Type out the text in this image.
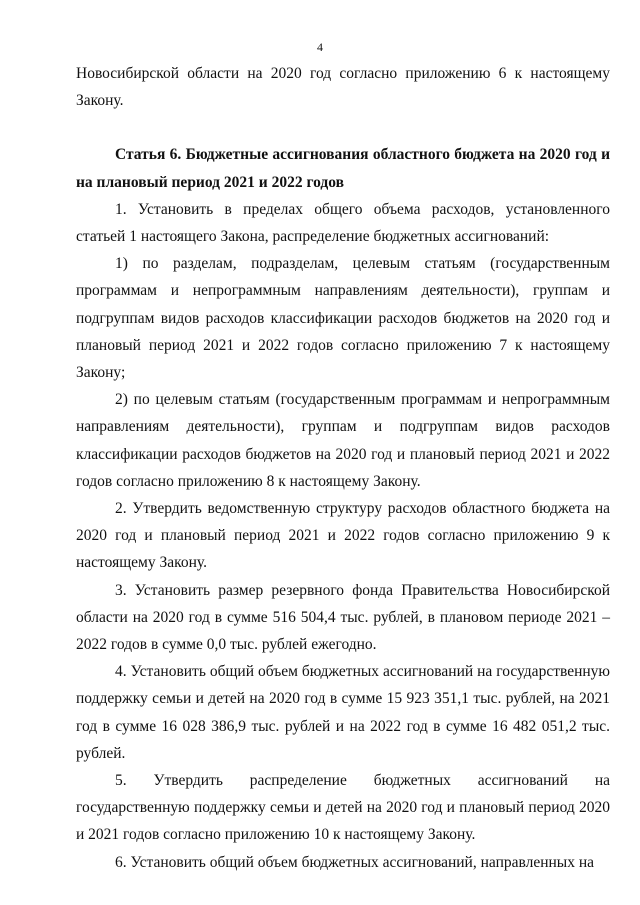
4

Новосибирской области на 2020 год согласно приложению 6 к настоящему Закону.

Статья 6. Бюджетные ассигнования областного бюджета на 2020 год и на плановый период 2021 и 2022 годов

1. Установить в пределах общего объема расходов, установленного статьей 1 настоящего Закона, распределение бюджетных ассигнований:

1) по разделам, подразделам, целевым статьям (государственным программам и непрограммным направлениям деятельности), группам и подгруппам видов расходов классификации расходов бюджетов на 2020 год и плановый период 2021 и 2022 годов согласно приложению 7 к настоящему Закону;

2) по целевым статьям (государственным программам и непрограммным направлениям деятельности), группам и подгруппам видов расходов классификации расходов бюджетов на 2020 год и плановый период 2021 и 2022 годов согласно приложению 8 к настоящему Закону.

2. Утвердить ведомственную структуру расходов областного бюджета на 2020 год и плановый период 2021 и 2022 годов согласно приложению 9 к настоящему Закону.

3. Установить размер резервного фонда Правительства Новосибирской области на 2020 год в сумме 516 504,4 тыс. рублей, в плановом периоде 2021 – 2022 годов в сумме 0,0 тыс. рублей ежегодно.

4. Установить общий объем бюджетных ассигнований на государственную поддержку семьи и детей на 2020 год в сумме 15 923 351,1 тыс. рублей, на 2021 год в сумме 16 028 386,9 тыс. рублей и на 2022 год в сумме 16 482 051,2 тыс. рублей.

5. Утвердить распределение бюджетных ассигнований на государственную поддержку семьи и детей на 2020 год и плановый период 2020 и 2021 годов согласно приложению 10 к настоящему Закону.

6. Установить общий объем бюджетных ассигнований, направленных на
